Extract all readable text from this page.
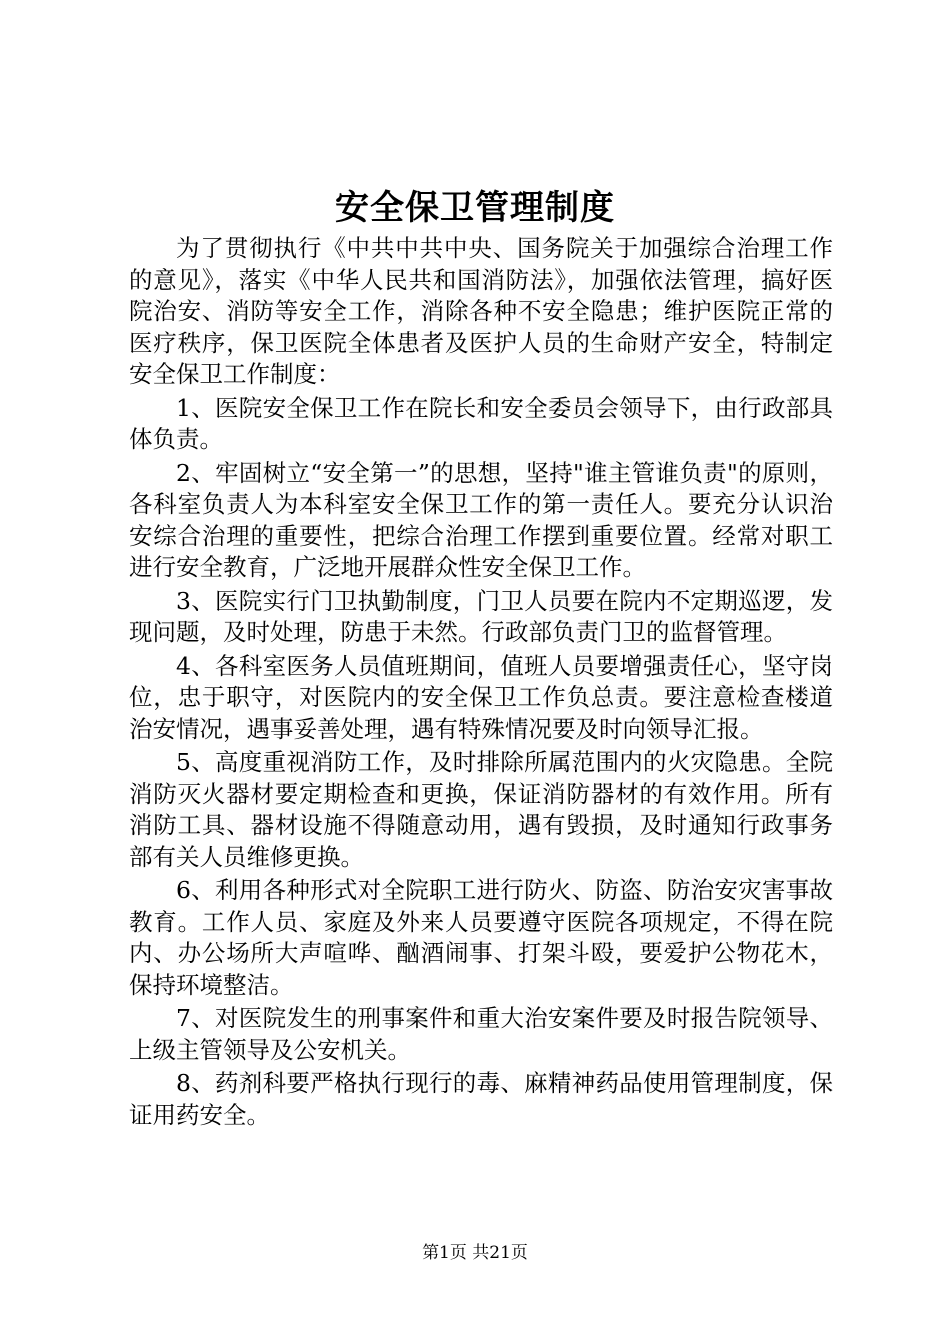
安全保卫管理制度

为了贯彻执行《中共中共中央、国务院关于加强综合治理工作的意见》，落实《中华人民共和国消防法》，加强依法管理，搞好医院治安、消防等安全工作，消除各种不安全隐患；维护医院正常的医疗秩序，保卫医院全体患者及医护人员的生命财产安全，特制定安全保卫工作制度：

1、医院安全保卫工作在院长和安全委员会领导下，由行政部具体负责。

2、牢固树立“安全第一”的思想，坚持"谁主管谁负责"的原则，各科室负责人为本科室安全保卫工作的第一责任人。要充分认识治安综合治理的重要性，把综合治理工作摆到重要位置。经常对职工进行安全教育，广泛地开展群众性安全保卫工作。

3、医院实行门卫执勤制度，门卫人员要在院内不定期巡逻，发现问题，及时处理，防患于未然。行政部负责门卫的监督管理。

4、各科室医务人员值班期间，值班人员要增强责任心，坚守岗位，忠于职守，对医院内的安全保卫工作负总责。要注意检查楼道治安情况，遇事妥善处理，遇有特殊情况要及时向领导汇报。

5、高度重视消防工作，及时排除所属范围内的火灾隐患。全院消防灭火器材要定期检查和更换，保证消防器材的有效作用。所有消防工具、器材设施不得随意动用，遇有毁损，及时通知行政事务部有关人员维修更换。

6、利用各种形式对全院职工进行防火、防盗、防治安灾害事故教育。工作人员、家庭及外来人员要遵守医院各项规定，不得在院内、办公场所大声喧哗、酗酒闹事、打架斗殴，要爱护公物花木，保持环境整洁。

7、对医院发生的刑事案件和重大治安案件要及时报告院领导、上级主管领导及公安机关。

8、药剂科要严格执行现行的毒、麻精神药品使用管理制度，保证用药安全。

第1页 共21页
